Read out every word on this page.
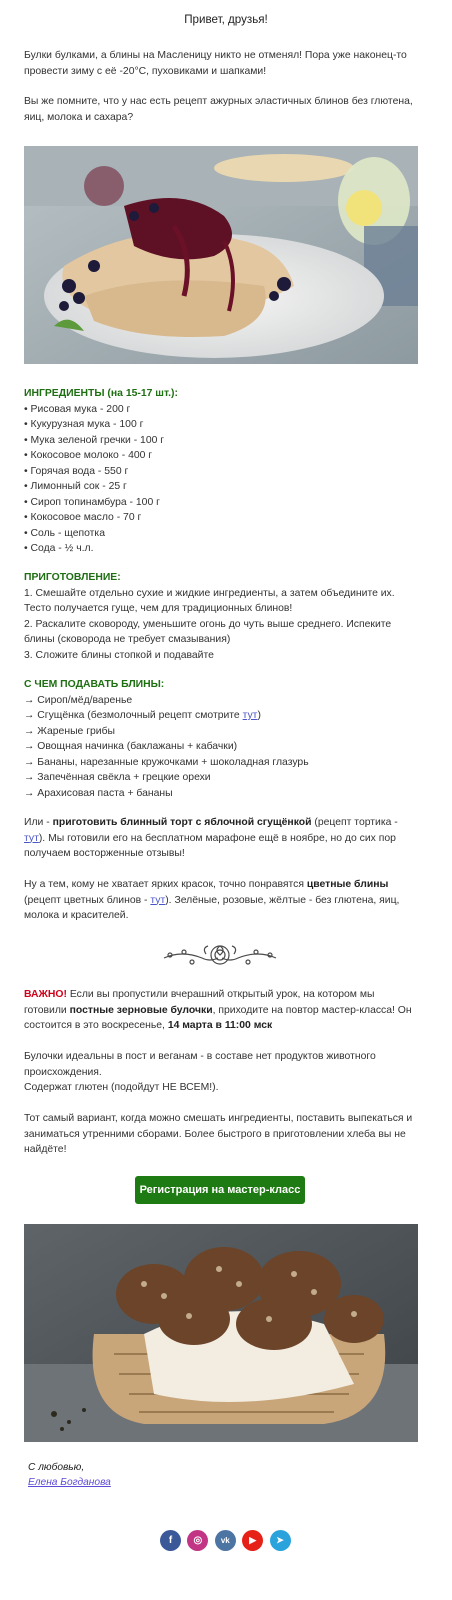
Привет, друзья!

Булки булками, а блины на Масленицу никто не отменял! Пора уже наконец-то провести зиму с её -20°C, пуховиками и шапками!

Вы же помните, что у нас есть рецепт ажурных эластичных блинов без глютена, яиц, молока и сахара?

ИНГРЕДИЕНТЫ (на 15-17 шт.):

• Рисовая мука - 200 г
• Кукурузная мука - 100 г
• Мука зеленой гречки - 100 г
• Кокосовое молоко - 400 г
• Горячая вода - 550 г
• Лимонный сок - 25 г
• Сироп топинамбура - 100 г
• Кокосовое масло - 70 г
• Соль - щепотка
• Сода - ½ ч.л.

ПРИГОТОВЛЕНИЕ:

1. Смешайте отдельно сухие и жидкие ингредиенты, а затем объедините их. Тесто получается гуще, чем для традиционных блинов!

2. Раскалите сковороду, уменьшите огонь до чуть выше среднего. Испеките блины (сковорода не требует смазывания)

3. Сложите блины стопкой и подавайте

С ЧЕМ ПОДАВАТЬ БЛИНЫ:

→ Сироп/мёд/варенье
→ Сгущёнка (безмолочный рецепт смотрите тут)
→ Жареные грибы
→ Овощная начинка (баклажаны + кабачки)
→ Бананы, нарезанные кружочками + шоколадная глазурь
→ Запечённая свёкла + грецкие орехи
→ Арахисовая паста + бананы

Или - приготовить блинный торт с яблочной сгущёнкой (рецепт тортика - тут). Мы готовили его на бесплатном марафоне ещё в ноябре, но до сих пор получаем восторженные отзывы!

Ну а тем, кому не хватает ярких красок, точно понравятся цветные блины (рецепт цветных блинов - тут). Зелёные, розовые, жёлтые - без глютена, яиц, молока и красителей.

ВАЖНО! Если вы пропустили вчерашний открытый урок, на котором мы готовили постные зерновые булочки, приходите на повтор мастер-класса! Он состоится в это воскресенье, 14 марта в 11:00 мск

Булочки идеальны в пост и веганам - в составе нет продуктов животного происхождения.

Содержат глютен (подойдут НЕ ВСЕМ!).

Тот самый вариант, когда можно смешать ингредиенты, поставить выпекаться и заниматься утренними сборами. Более быстрого в приготовлении хлеба вы не найдёте!

Регистрация на мастер-класс

С любовью,

Елена Богданова

f ◎ vk ▶ ➤
